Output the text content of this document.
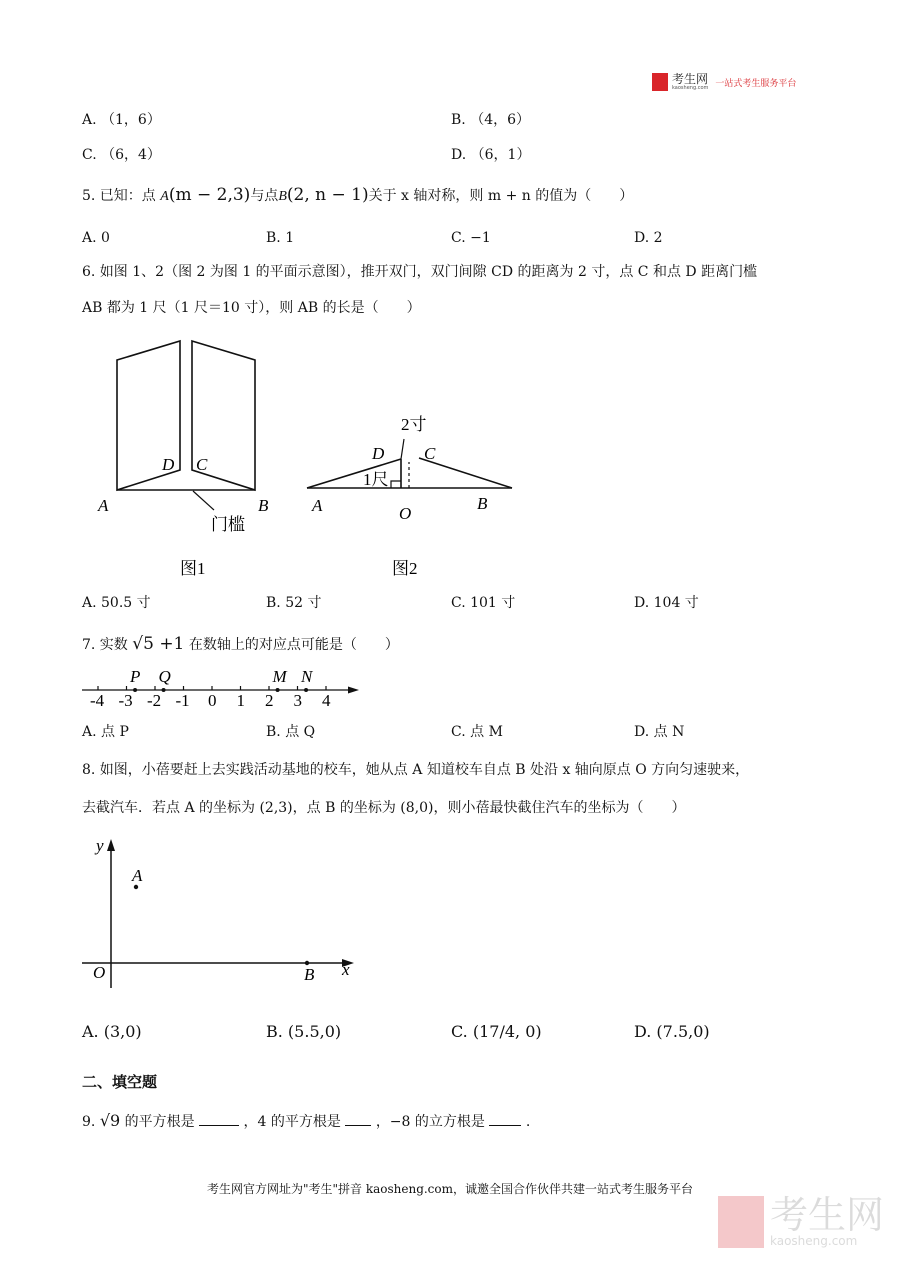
考生网
kaosheng.com 一站式考生服务平台
A. （1，6）	B. （4，6）
C. （6，4）	D. （6，1）
5. 已知：点 A(m − 2,3)与点B(2, n − 1)关于 x 轴对称，则 m + n 的值为（　　）
A. 0	B. 1	C. −1	D. 2
6. 如图 1、2（图 2 为图 1 的平面示意图），推开双门，双门间隙 CD 的距离为 2 寸，点 C 和点 D 距离门槛
AB 都为 1 尺（1 尺＝10 寸），则 AB 的长是（　　）
A	B
D C
门槛
图1
2寸
D C
1尺
A	O
B
图2
-4 -3 -2 -1 0 1 2 3 4
P Q	M N
x
y
O
A
B
A. 50.5 寸	B. 52 寸	C. 101 寸	D. 104 寸
7. 实数 √5 +1 在数轴上的对应点可能是（　　）
A. 点 P	B. 点 Q	C. 点 M	D. 点 N
8. 如图，小蓓要赶上去实践活动基地的校车，她从点 A 知道校车自点 B 处沿 x 轴向原点 O 方向匀速驶来，
去截汽车．若点 A 的坐标为 (2,3)，点 B 的坐标为 (8,0)，则小蓓最快截住汽车的坐标为（　　）
A. (3,0)	B. (5.5,0)	C. (17/4, 0)	D. (7.5,0)
二、填空题
9. √9 的平方根是	，4 的平方根是 ，−8 的立方根是	.
考生网官方网址为"考生"拼音 kaosheng.com，诚邀全国合作伙伴共建一站式考生服务平台
考生网
kaosheng.com
